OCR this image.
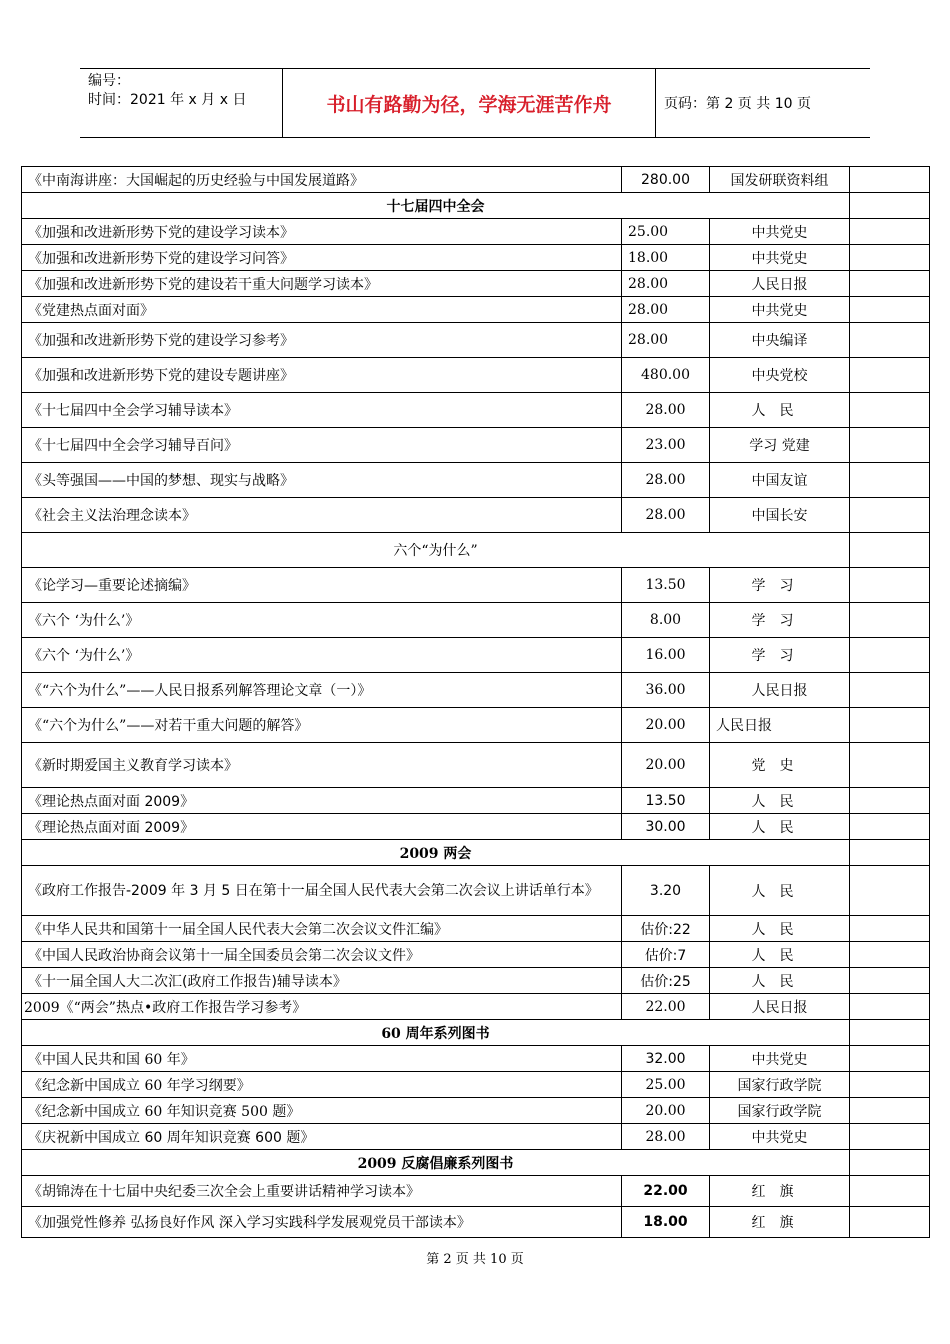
编号：
时间：2021 年 x 月 x 日	书山有路勤为径，学海无涯苦作舟	页码：第 2 页 共 10 页
《中南海讲座：大国崛起的历史经验与中国发展道路》	280.00	国发研联资料组	
十七届四中全会			
《加强和改进新形势下党的建设学习读本》	25.00	中共党史	
《加强和改进新形势下党的建设学习问答》	18.00	中共党史	
《加强和改进新形势下党的建设若干重大问题学习读本》	28.00	人民日报	
《党建热点面对面》	28.00	中共党史	
《加强和改进新形势下党的建设学习参考》	28.00	中央编译	
《加强和改进新形势下党的建设专题讲座》	480.00	中央党校	
《十七届四中全会学习辅导读本》	28.00	人民	
《十七届四中全会学习辅导百问》	23.00	学习 党建	
《头等强国——中国的梦想、现实与战略》	28.00	中国友谊	
《社会主义法治理念读本》	28.00	中国长安	
六个“为什么”			
《论学习—重要论述摘编》	13.50	学习	
《六个 ‘为什么’》	8.00	学习	
《六个 ‘为什么’》	16.00	学习	
《“六个为什么”——人民日报系列解答理论文章（一）》	36.00	人民日报	
《“六个为什么”——对若干重大问题的解答》	20.00	人民日报	
《新时期爱国主义教育学习读本》	20.00	党史	
《理论热点面对面 2009》	13.50	人民	
《理论热点面对面 2009》	30.00	人民	
2009 两会			
《政府工作报告-2009 年 3 月 5 日在第十一届全国人民代表大会第二次会议上讲话单行本》	3.20	人民	
《中华人民共和国第十一届全国人民代表大会第二次会议文件汇编》	估价:22	人民	
《中国人民政治协商会议第十一届全国委员会第二次会议文件》	估价:7	人民	
《十一届全国人大二次汇(政府工作报告)辅导读本》	估价:25	人民	
2009《“两会”热点•政府工作报告学习参考》	22.00	人民日报	
60 周年系列图书			
《中国人民共和国 60 年》	32.00	中共党史	
《纪念新中国成立 60 年学习纲要》	25.00	国家行政学院	
《纪念新中国成立 60 年知识竞赛 500 题》	20.00	国家行政学院	
《庆祝新中国成立 60 周年知识竞赛 600 题》	28.00	中共党史	
2009 反腐倡廉系列图书			
《胡锦涛在十七届中央纪委三次全会上重要讲话精神学习读本》	22.00	红旗	
《加强党性修养 弘扬良好作风 深入学习实践科学发展观党员干部读本》	18.00	红旗	
第 2 页 共 10 页
